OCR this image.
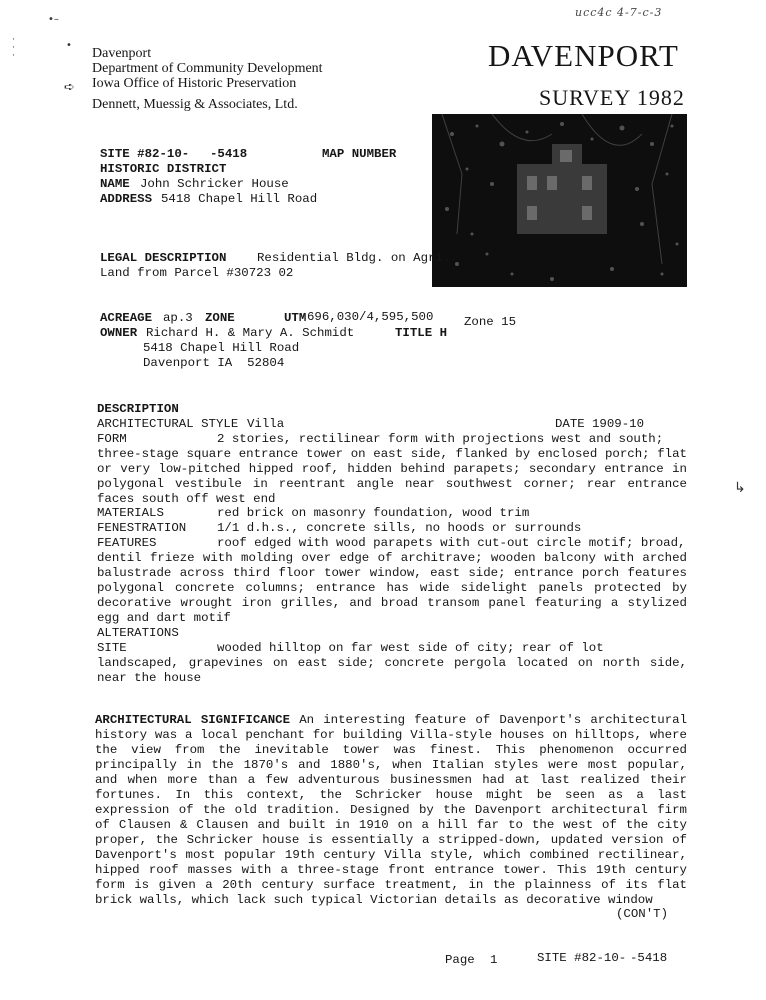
•–
·
·
·
•
➪
↳
ucc4c 4-7-c-3
Davenport
Department of Community Development
Iowa Office of Historic Preservation
Dennett, Muessig & Associates, Ltd.
DAVENPORT
SURVEY 1982
SITE #82-10- -5418	MAP NUMBER
HISTORIC DISTRICT
NAME John Schricker House
ADDRESS 5418 Chapel Hill Road
LEGAL DESCRIPTION Residential Bldg. on Agri.
Land from Parcel #30723 02
ACREAGE ap.3 ZONE	UTM 696,030/4,595,500 Zone 15
OWNER Richard H. & Mary A. Schmidt	TITLE H
5418 Chapel Hill Road
Davenport IA  52804
DESCRIPTION
ARCHITECTURAL STYLE Villa	DATE 1909-10
FORM	2 stories, rectilinear form with projections west and south;
three-stage square entrance tower on east side, flanked by enclosed porch; flat or very low-pitched hipped roof, hidden behind parapets; secondary entrance in polygonal vestibule in reentrant angle near southwest corner; rear entrance faces south off west end
MATERIALS	red brick on masonry foundation, wood trim
FENESTRATION 1/1 d.h.s., concrete sills, no hoods or surrounds
FEATURES	roof edged with wood parapets with cut-out circle motif; broad,
dentil frieze with molding over edge of architrave; wooden balcony with arched balustrade across third floor tower window, east side; entrance porch features polygonal concrete columns; entrance has wide sidelight panels protected by decorative wrought iron grilles, and broad transom panel featuring a stylized egg and dart motif
ALTERATIONS
SITE	wooded hilltop on far west side of city; rear of lot
landscaped, grapevines on east side; concrete pergola located on north side, near the house
ARCHITECTURAL SIGNIFICANCE An interesting feature of Davenport's architectural history was a local penchant for building Villa-style houses on hilltops, where the view from the inevitable tower was finest. This phenomenon occurred principally in the 1870's and 1880's, when Italian styles were most popular, and when more than a few adventurous businessmen had at last realized their fortunes. In this context, the Schricker house might be seen as a last expression of the old tradition. Designed by the Davenport architectural firm of Clausen & Clausen and built in 1910 on a hill far to the west of the city proper, the Schricker house is essentially a stripped-down, updated version of Davenport's most popular 19th century Villa style, which combined rectilinear, hipped roof masses with a three-stage front entrance tower. This 19th century form is given a 20th century surface treatment, in the plainness of its flat brick walls, which lack such typical Victorian details as decorative window
(CON'T)
Page 1	SITE #82-10- -5418
